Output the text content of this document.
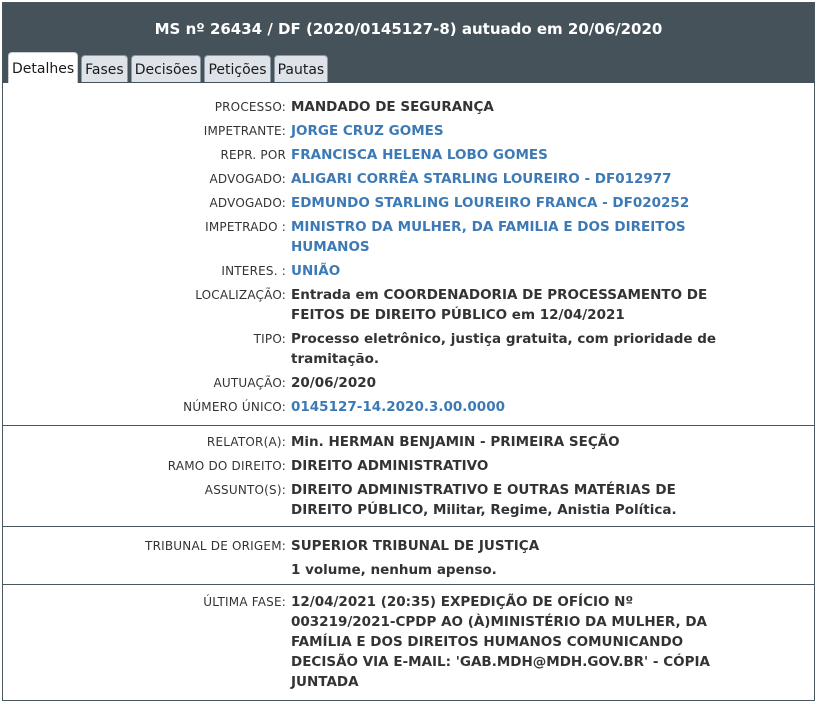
MS nº 26434 / DF (2020/0145127-8) autuado em 20/06/2020
Detalhes Fases Decisões Petições Pautas
PROCESSO: MANDADO DE SEGURANÇA
IMPETRANTE: JORGE CRUZ GOMES
REPR. POR FRANCISCA HELENA LOBO GOMES
ADVOGADO: ALIGARI CORRÊA STARLING LOUREIRO - DF012977
ADVOGADO: EDMUNDO STARLING LOUREIRO FRANCA - DF020252
IMPETRADO : MINISTRO DA MULHER, DA FAMILIA E DOS DIREITOS HUMANOS
INTERES. : UNIÃO
LOCALIZAÇÃO: Entrada em COORDENADORIA DE PROCESSAMENTO DE FEITOS DE DIREITO PÚBLICO em 12/04/2021
TIPO: Processo eletrônico, justiça gratuita, com prioridade de tramitação.
AUTUAÇÃO: 20/06/2020
NÚMERO ÚNICO: 0145127-14.2020.3.00.0000
RELATOR(A): Min. HERMAN BENJAMIN - PRIMEIRA SEÇÃO
RAMO DO DIREITO: DIREITO ADMINISTRATIVO
ASSUNTO(S): DIREITO ADMINISTRATIVO E OUTRAS MATÉRIAS DE DIREITO PÚBLICO, Militar, Regime, Anistia Política.
TRIBUNAL DE ORIGEM: SUPERIOR TRIBUNAL DE JUSTIÇA
1 volume, nenhum apenso.
ÚLTIMA FASE: 12/04/2021 (20:35) EXPEDIÇÃO DE OFÍCIO Nº 003219/2021-CPDP AO (À)MINISTÉRIO DA MULHER, DA FAMÍLIA E DOS DIREITOS HUMANOS COMUNICANDO DECISÃO VIA E-MAIL: 'GAB.MDH@MDH.GOV.BR' - CÓPIA JUNTADA
